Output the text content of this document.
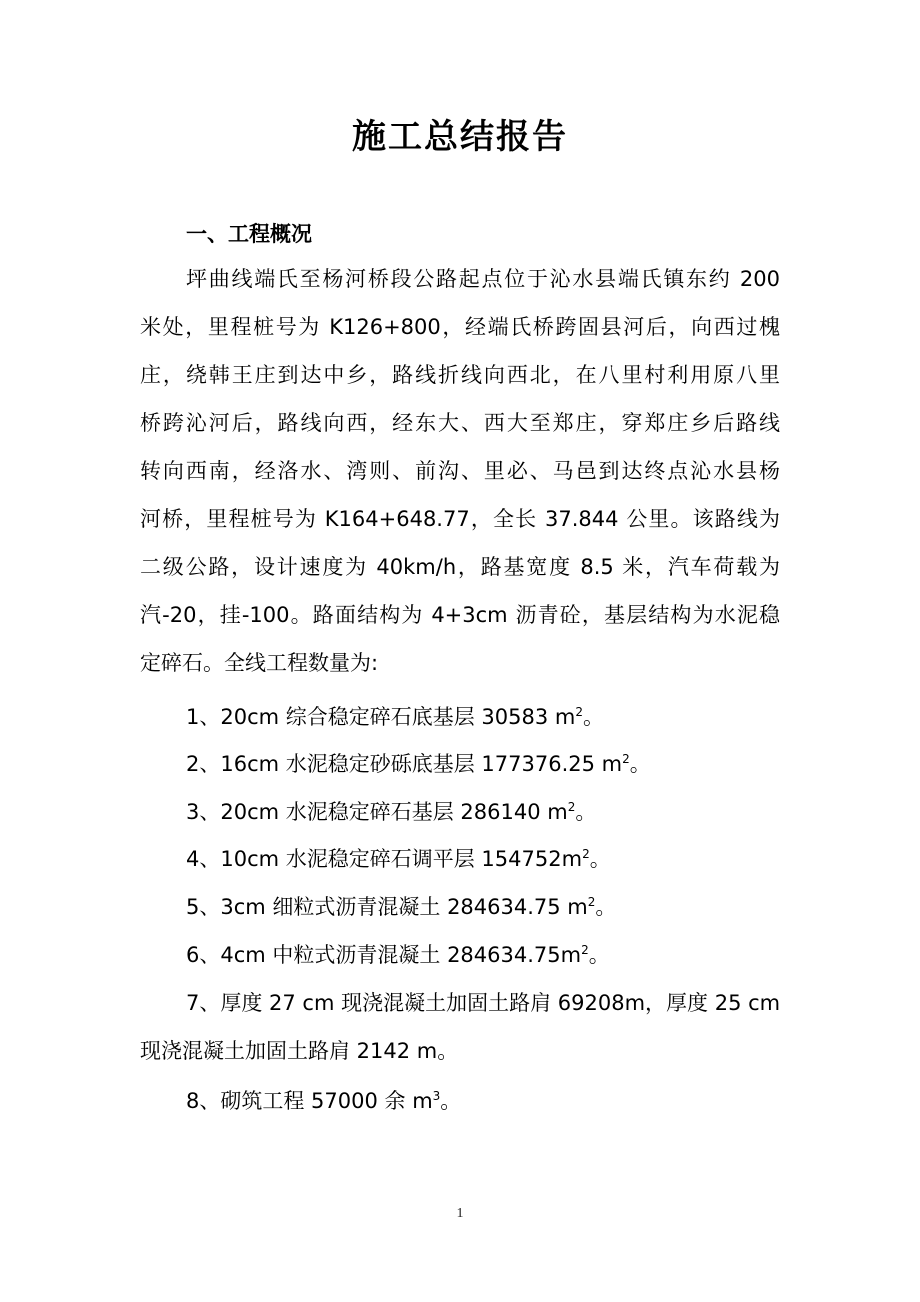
施工总结报告
一、工程概况
坪曲线端氏至杨河桥段公路起点位于沁水县端氏镇东约 200
米处，里程桩号为 K126+800，经端氏桥跨固县河后，向西过槐
庄，绕韩王庄到达中乡，路线折线向西北，在八里村利用原八里
桥跨沁河后，路线向西，经东大、西大至郑庄，穿郑庄乡后路线
转向西南，经洛水、湾则、前沟、里必、马邑到达终点沁水县杨
河桥，里程桩号为 K164+648.77，全长 37.844 公里。该路线为
二级公路，设计速度为 40km/h，路基宽度 8.5 米，汽车荷载为
汽-20，挂-100。路面结构为 4+3cm 沥青砼，基层结构为水泥稳
定碎石。全线工程数量为:
1、20cm 综合稳定碎石底基层 30583 $m^2$。
2、16cm 水泥稳定砂砾底基层 177376.25 $m^2$。
3、20cm 水泥稳定碎石基层 286140 $m^2$。
4、10cm 水泥稳定碎石调平层 $154752m^2$。
5、3cm 细粒式沥青混凝土 284634.75 $m^2$。
6、4cm 中粒式沥青混凝土 $284634.75m^2$。
7、厚度 27 cm 现浇混凝土加固土路肩 69208m，厚度 25 cm
现浇混凝土加固土路肩 2142 m。
8、砌筑工程 57000 余 $m^3$。
1
